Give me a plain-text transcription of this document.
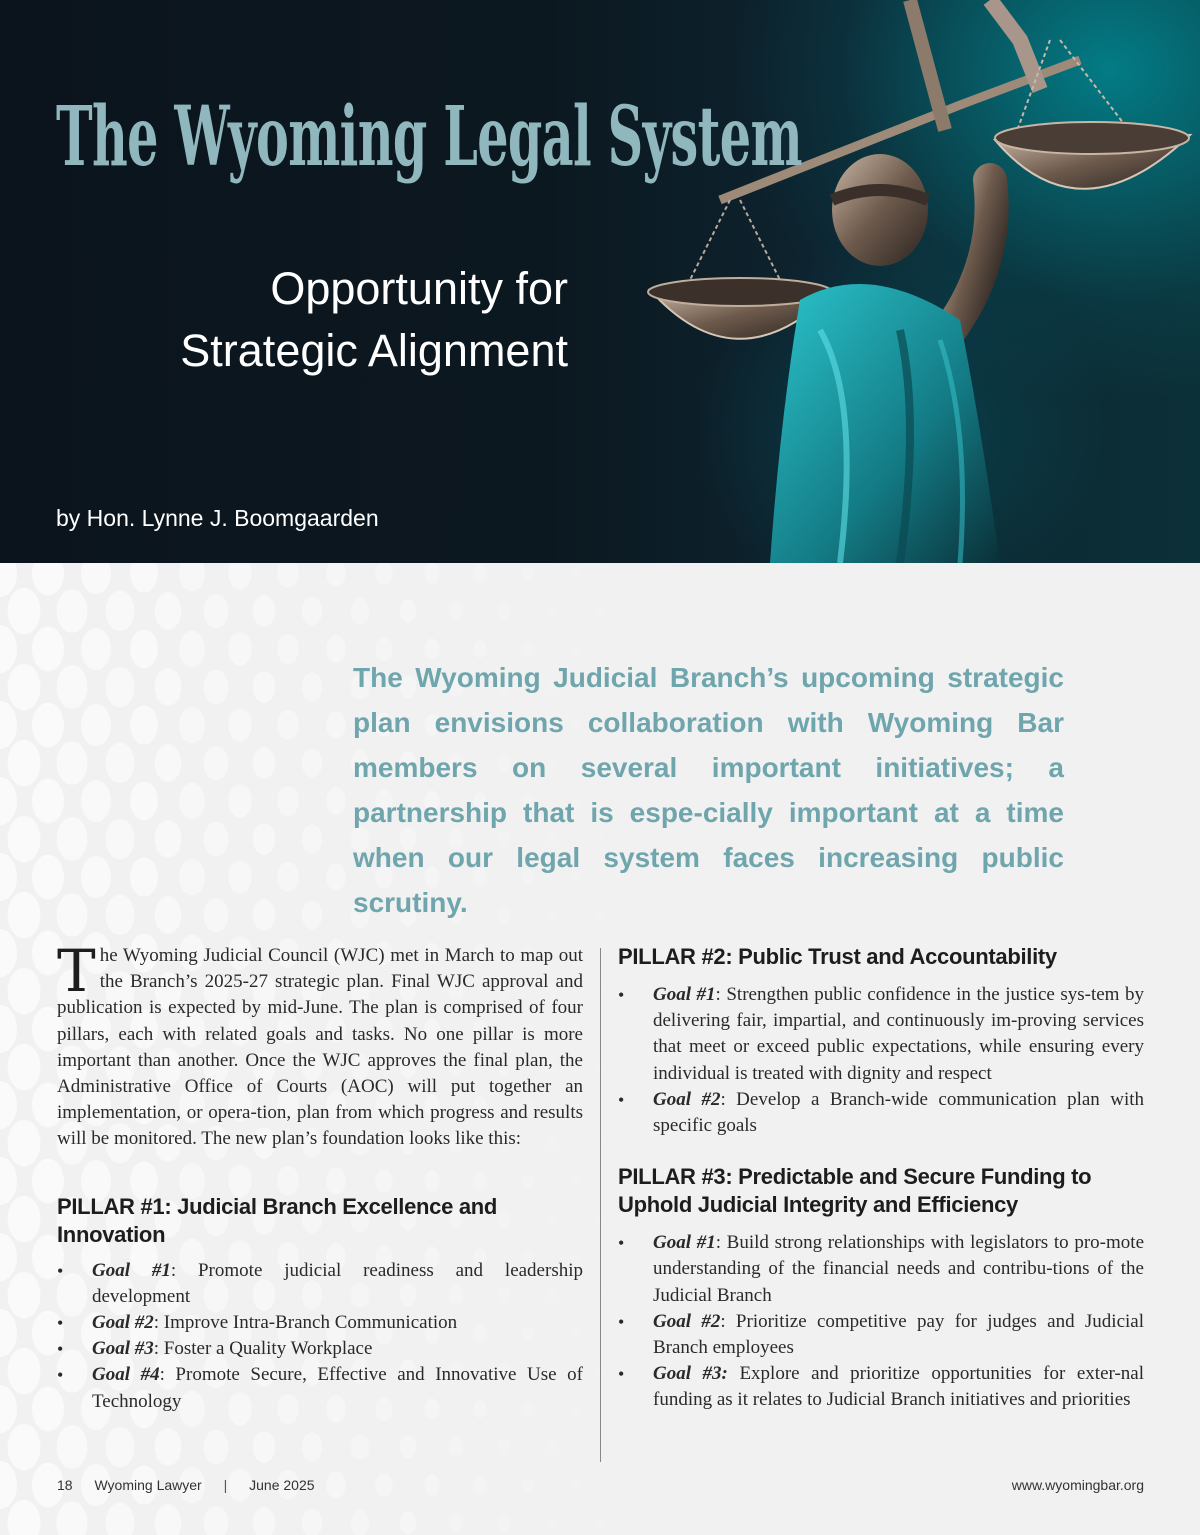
The Wyoming Legal System
Opportunity for
Strategic Alignment
by Hon. Lynne J. Boomgaarden

The Wyoming Judicial Branch’s upcoming strategic plan envisions collaboration with Wyoming Bar members on several important initiatives; a partnership that is espe-cially important at a time when our legal system faces increasing public scrutiny.

The Wyoming Judicial Council (WJC) met in March to map out the Branch’s 2025-27 strategic plan. Final WJC approval and publication is expected by mid-June. The plan is comprised of four pillars, each with related goals and tasks. No one pillar is more important than another. Once the WJC approves the final plan, the Administrative Office of Courts (AOC) will put together an implementation, or opera-tion, plan from which progress and results will be monitored. The new plan’s foundation looks like this:

PILLAR #1: Judicial Branch Excellence and Innovation
• Goal #1: Promote judicial readiness and leadership development
• Goal #2: Improve Intra-Branch Communication
• Goal #3: Foster a Quality Workplace
• Goal #4: Promote Secure, Effective and Innovative Use of Technology
PILLAR #2: Public Trust and Accountability
• Goal #1: Strengthen public confidence in the justice sys-tem by delivering fair, impartial, and continuously im-proving services that meet or exceed public expectations, while ensuring every individual is treated with dignity and respect
• Goal #2: Develop a Branch-wide communication plan with specific goals
PILLAR #3: Predictable and Secure Funding to Uphold Judicial Integrity and Efficiency
• Goal #1: Build strong relationships with legislators to pro-mote understanding of the financial needs and contribu-tions of the Judicial Branch
• Goal #2: Prioritize competitive pay for judges and Judicial Branch employees
• Goal #3: Explore and prioritize opportunities for exter-nal funding as it relates to Judicial Branch initiatives and priorities
18 Wyoming Lawyer | June 2025	www.wyomingbar.org
